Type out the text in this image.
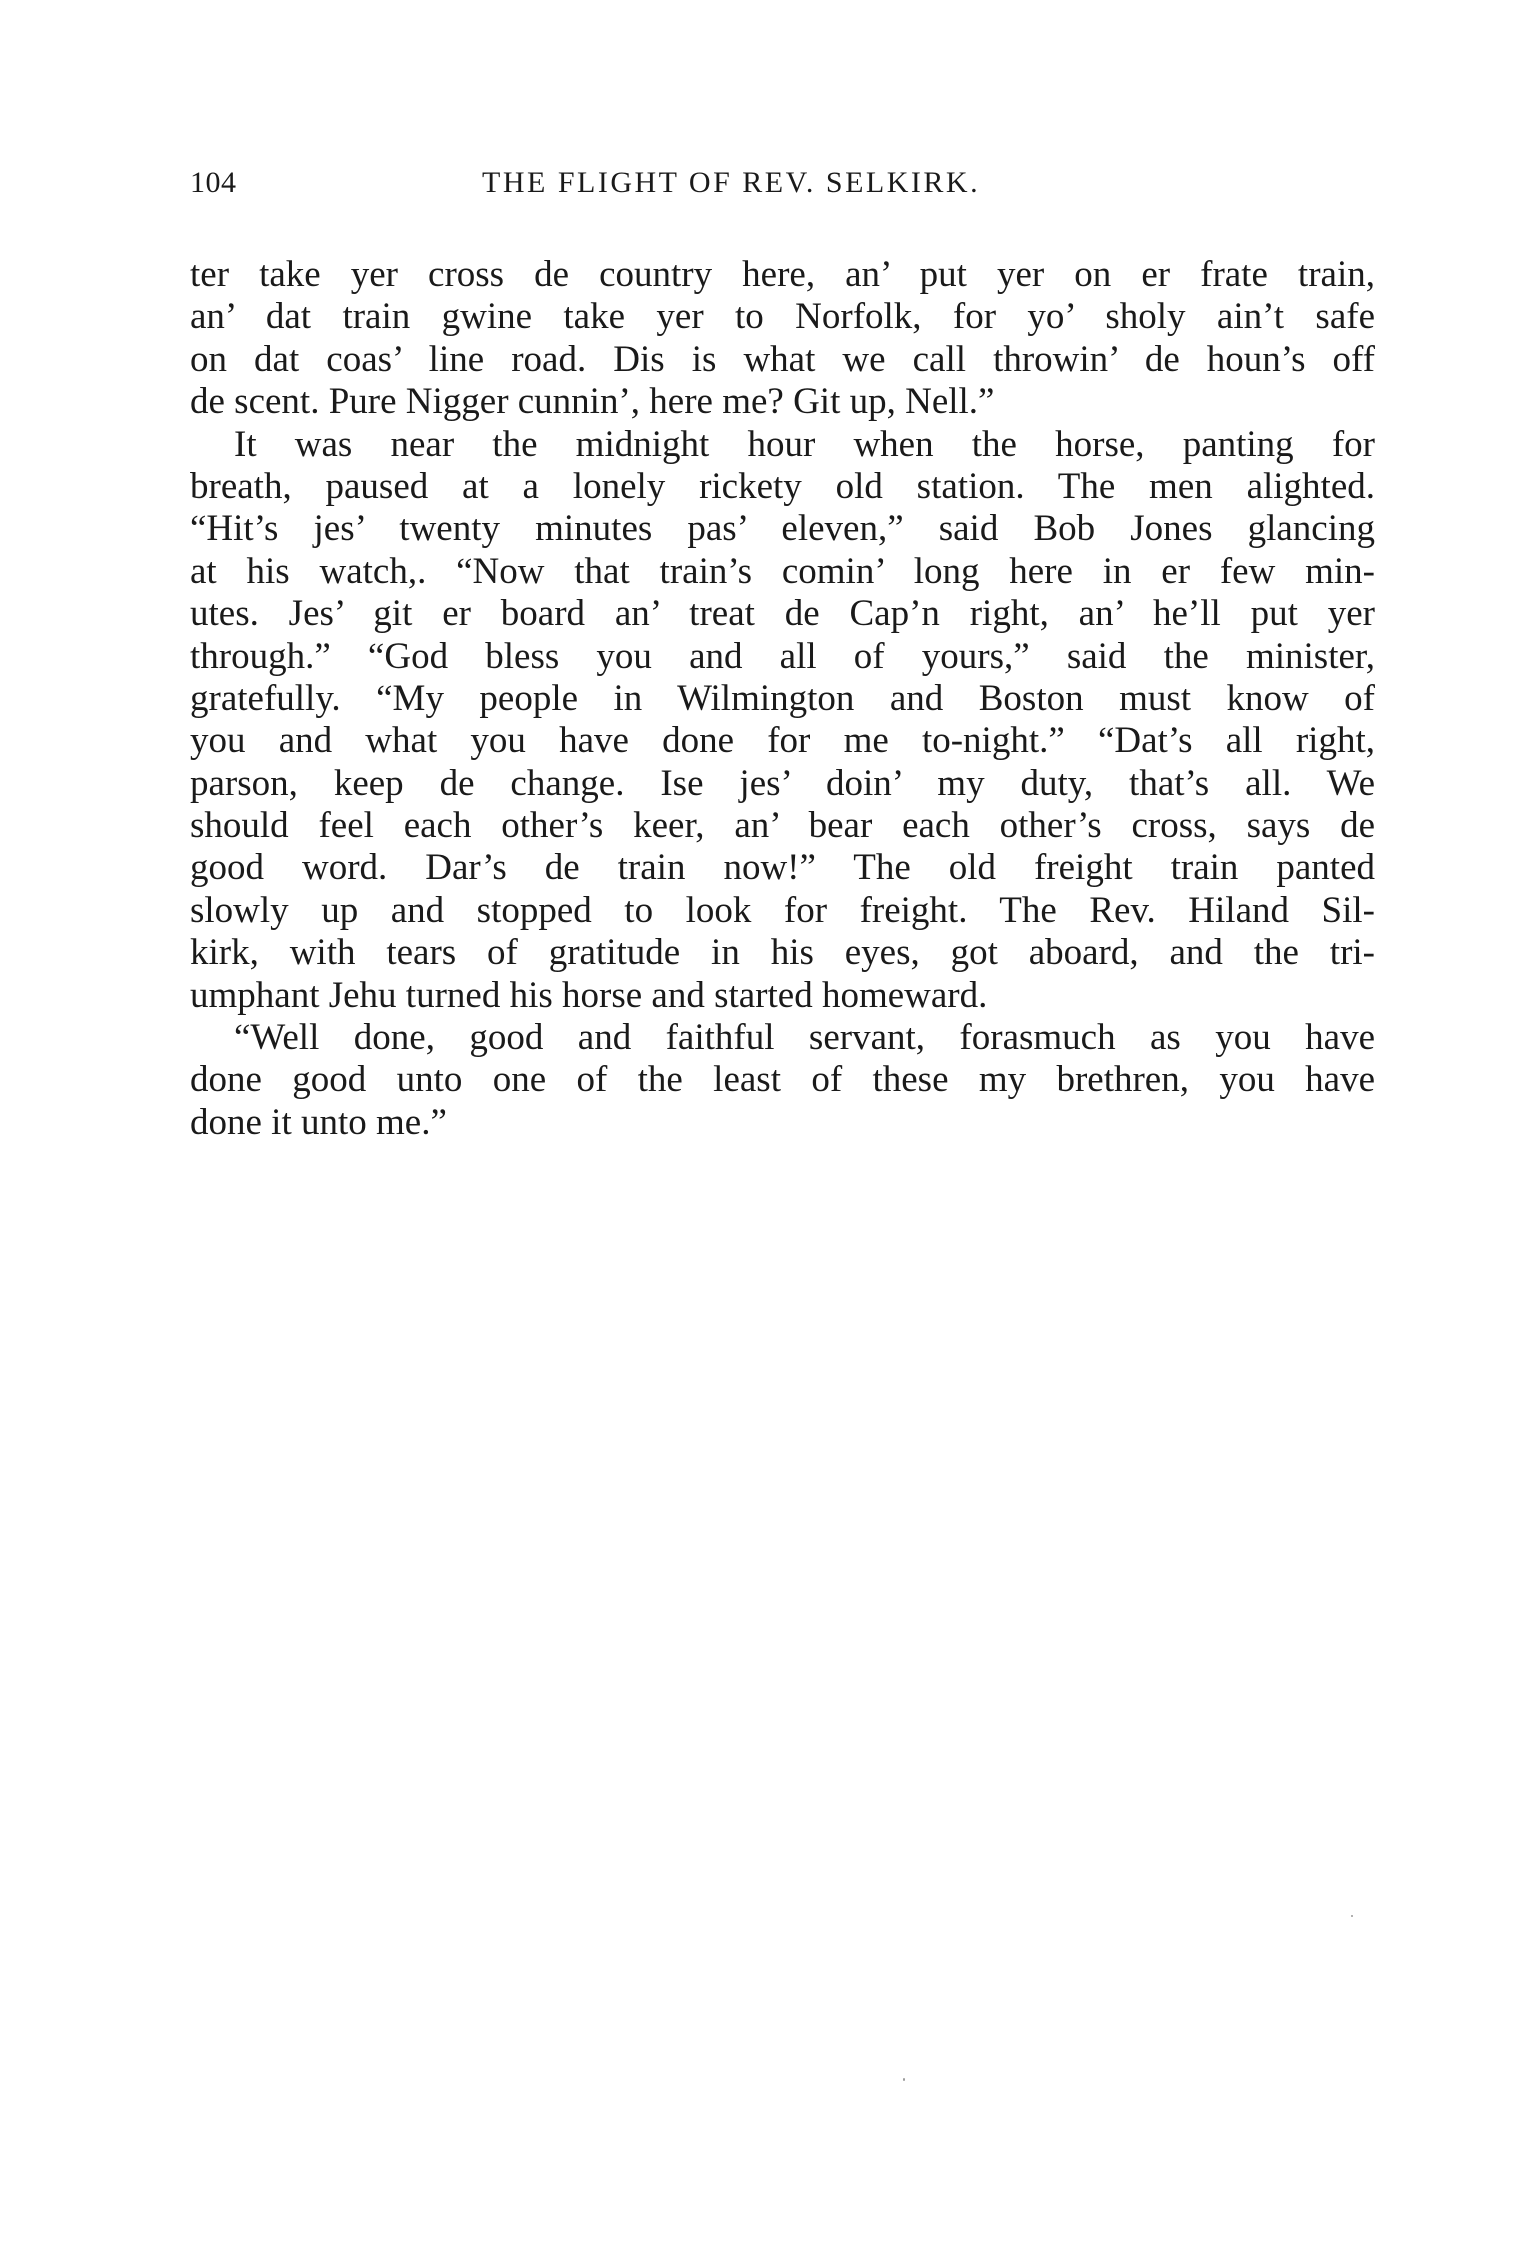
104	THE FLIGHT OF REV. SELKIRK.
ter take yer cross de country here, an’ put yer on er frate train,
an’ dat train gwine take yer to Norfolk, for yo’ sholy ain’t safe
on dat coas’ line road. Dis is what we call throwin’ de houn’s off
de scent. Pure Nigger cunnin’, here me? Git up, Nell.”
It was near the midnight hour when the horse, panting for
breath, paused at a lonely rickety old station. The men alighted.
“Hit’s jes’ twenty minutes pas’ eleven,” said Bob Jones glancing
at his watch,. “Now that train’s comin’ long here in er few min-
utes. Jes’ git er board an’ treat de Cap’n right, an’ he’ll put yer
through.” “God bless you and all of yours,” said the minister,
gratefully. “My people in Wilmington and Boston must know of
you and what you have done for me to-night.” “Dat’s all right,
parson, keep de change. Ise jes’ doin’ my duty, that’s all. We
should feel each other’s keer, an’ bear each other’s cross, says de
good word. Dar’s de train now!” The old freight train panted
slowly up and stopped to look for freight. The Rev. Hiland Sil-
kirk, with tears of gratitude in his eyes, got aboard, and the tri-
umphant Jehu turned his horse and started homeward.
“Well done, good and faithful servant, forasmuch as you have
done good unto one of the least of these my brethren, you have
done it unto me.”
